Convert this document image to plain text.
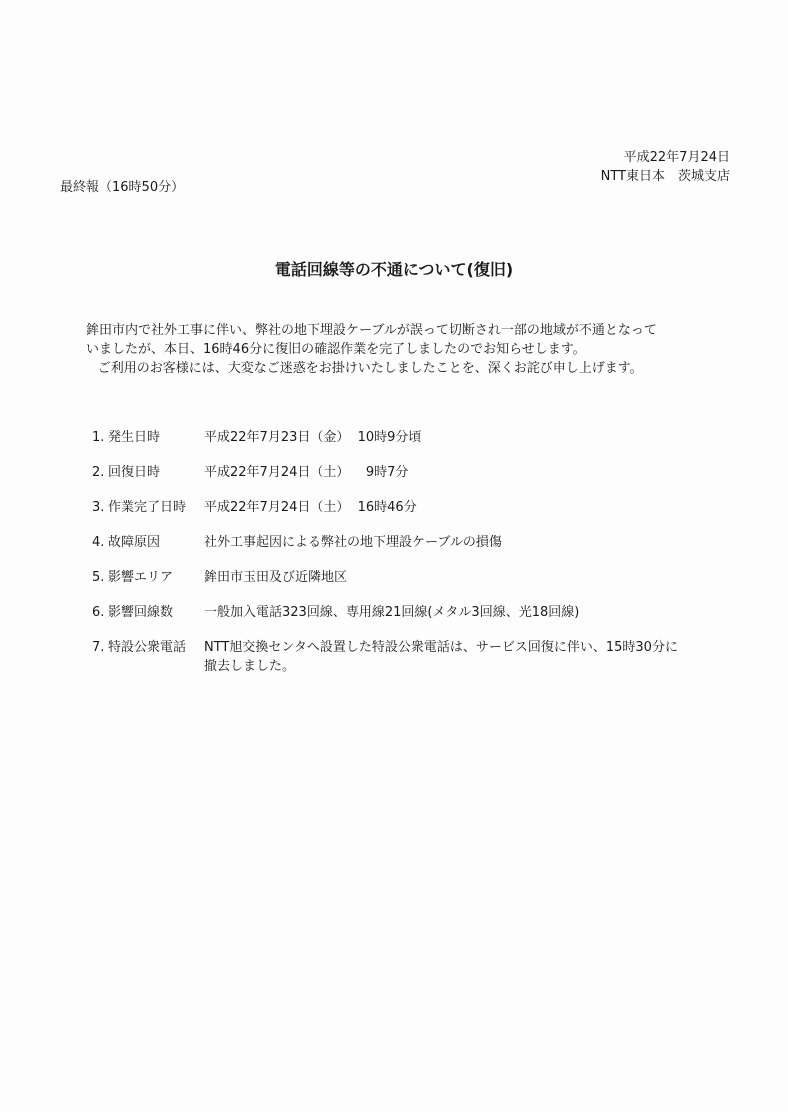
平成22年7月24日
NTT東日本　茨城支店
最終報（16時50分）
電話回線等の不通について(復旧)

鉾田市内で社外工事に伴い、弊社の地下埋設ケーブルが誤って切断され一部の地域が不通となって

いましたが、本日、16時46分に復旧の確認作業を完了しましたのでお知らせします。

ご利用のお客様には、大変なご迷惑をお掛けいたしましたことを、深くお詫び申し上げます。

1. 発生日時	平成22年7月23日（金）  10時9分頃
2. 回復日時	平成22年7月24日（土）    9時7分
3. 作業完了日時	平成22年7月24日（土）  16時46分
4. 故障原因	社外工事起因による弊社の地下埋設ケーブルの損傷
5. 影響エリア	鉾田市玉田及び近隣地区
6. 影響回線数	一般加入電話323回線、専用線21回線(メタル3回線、光18回線)
7. 特設公衆電話	NTT旭交換センタへ設置した特設公衆電話は、サービス回復に伴い、15時30分に
撤去しました。
